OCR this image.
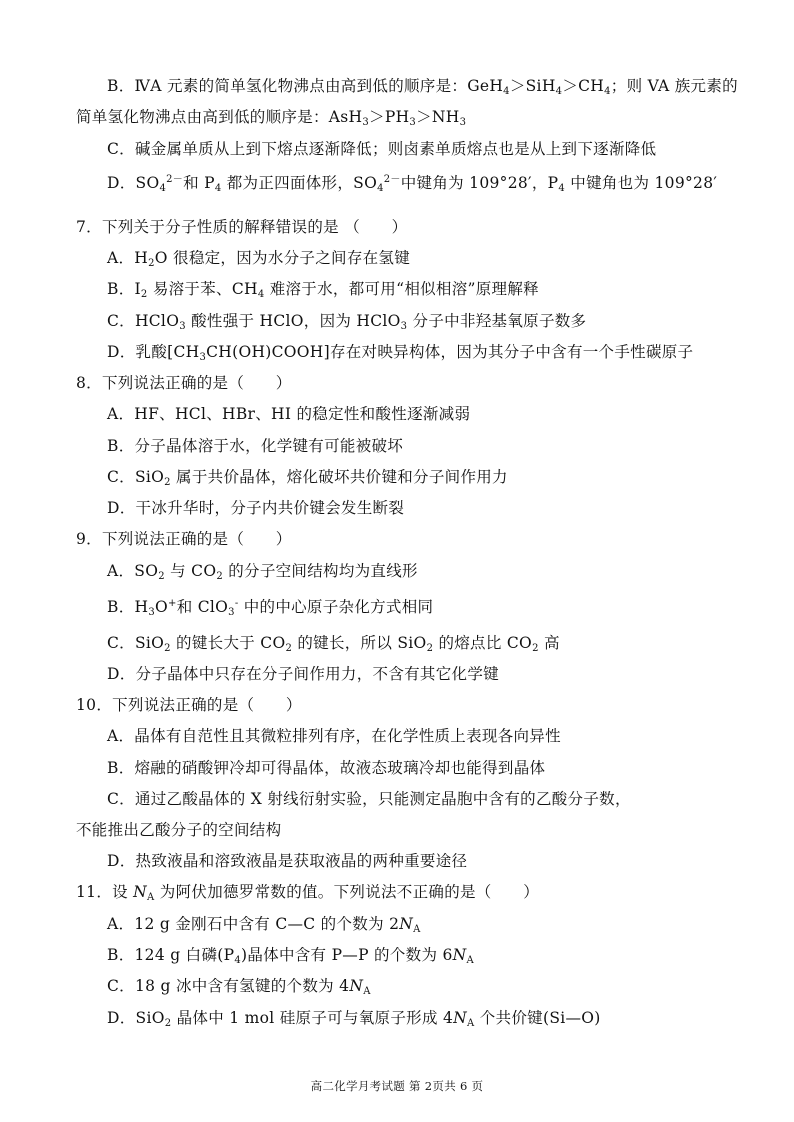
B．ⅣA 元素的简单氢化物沸点由高到低的顺序是：$GeH_4>SiH_4>CH_4$；则 VA 族元素的
简单氢化物沸点由高到低的顺序是：$AsH_3>PH_3>NH_3$
C．碱金属单质从上到下熔点逐渐降低；则卤素单质熔点也是从上到下逐渐降低
D．$SO_4^{2-}$和 $P_4$ 都为正四面体形，$SO_4^{2-}$中键角为 109°28′，$P_4$ 中键角也为 109°28′
7．下列关于分子性质的解释错误的是 （　　）
A．$H_2O$ 很稳定，因为水分子之间存在氢键
B．$I_2$ 易溶于苯、$CH_4$ 难溶于水，都可用“相似相溶”原理解释
C．HClO$_3$ 酸性强于 HClO，因为 HClO$_3$ 分子中非羟基氧原子数多
D．乳酸$[CH_3CH(OH)COOH]$存在对映异构体，因为其分子中含有一个手性碳原子
8．下列说法正确的是（　　）
A．HF、HCl、HBr、HI 的稳定性和酸性逐渐减弱
B．分子晶体溶于水，化学键有可能被破坏
C．SiO$_2$ 属于共价晶体，熔化破坏共价键和分子间作用力
D．干冰升华时，分子内共价键会发生断裂
9．下列说法正确的是（　　）
A．$SO_2$ 与 $CO_2$ 的分子空间结构均为直线形
B．$H_3O^+$和 ClO$_3$- 中的中心原子杂化方式相同
C．SiO$_2$ 的键长大于 $CO_2$ 的键长，所以 SiO$_2$ 的熔点比 $CO_2$ 高
D．分子晶体中只存在分子间作用力，不含有其它化学键
10．下列说法正确的是（　　）
A．晶体有自范性且其微粒排列有序，在化学性质上表现各向异性
B．熔融的硝酸钾冷却可得晶体，故液态玻璃冷却也能得到晶体
C．通过乙酸晶体的 X 射线衍射实验，只能测定晶胞中含有的乙酸分子数，
不能推出乙酸分子的空间结构
D．热致液晶和溶致液晶是获取液晶的两种重要途径
11．设 $N_A$ 为阿伏加德罗常数的值。下列说法不正确的是（　　）
A．12 g 金刚石中含有 C—C 的个数为 $2N_A$
B．124 g 白磷$(P_4)$晶体中含有 P—P 的个数为 $6N_A$
C．18 g 冰中含有氢键的个数为 $4N_A$
D．SiO$_2$ 晶体中 1 mol 硅原子可与氧原子形成 $4N_A$ 个共价键(Si—O)
高二化学月考试题 第 2页共 6 页
